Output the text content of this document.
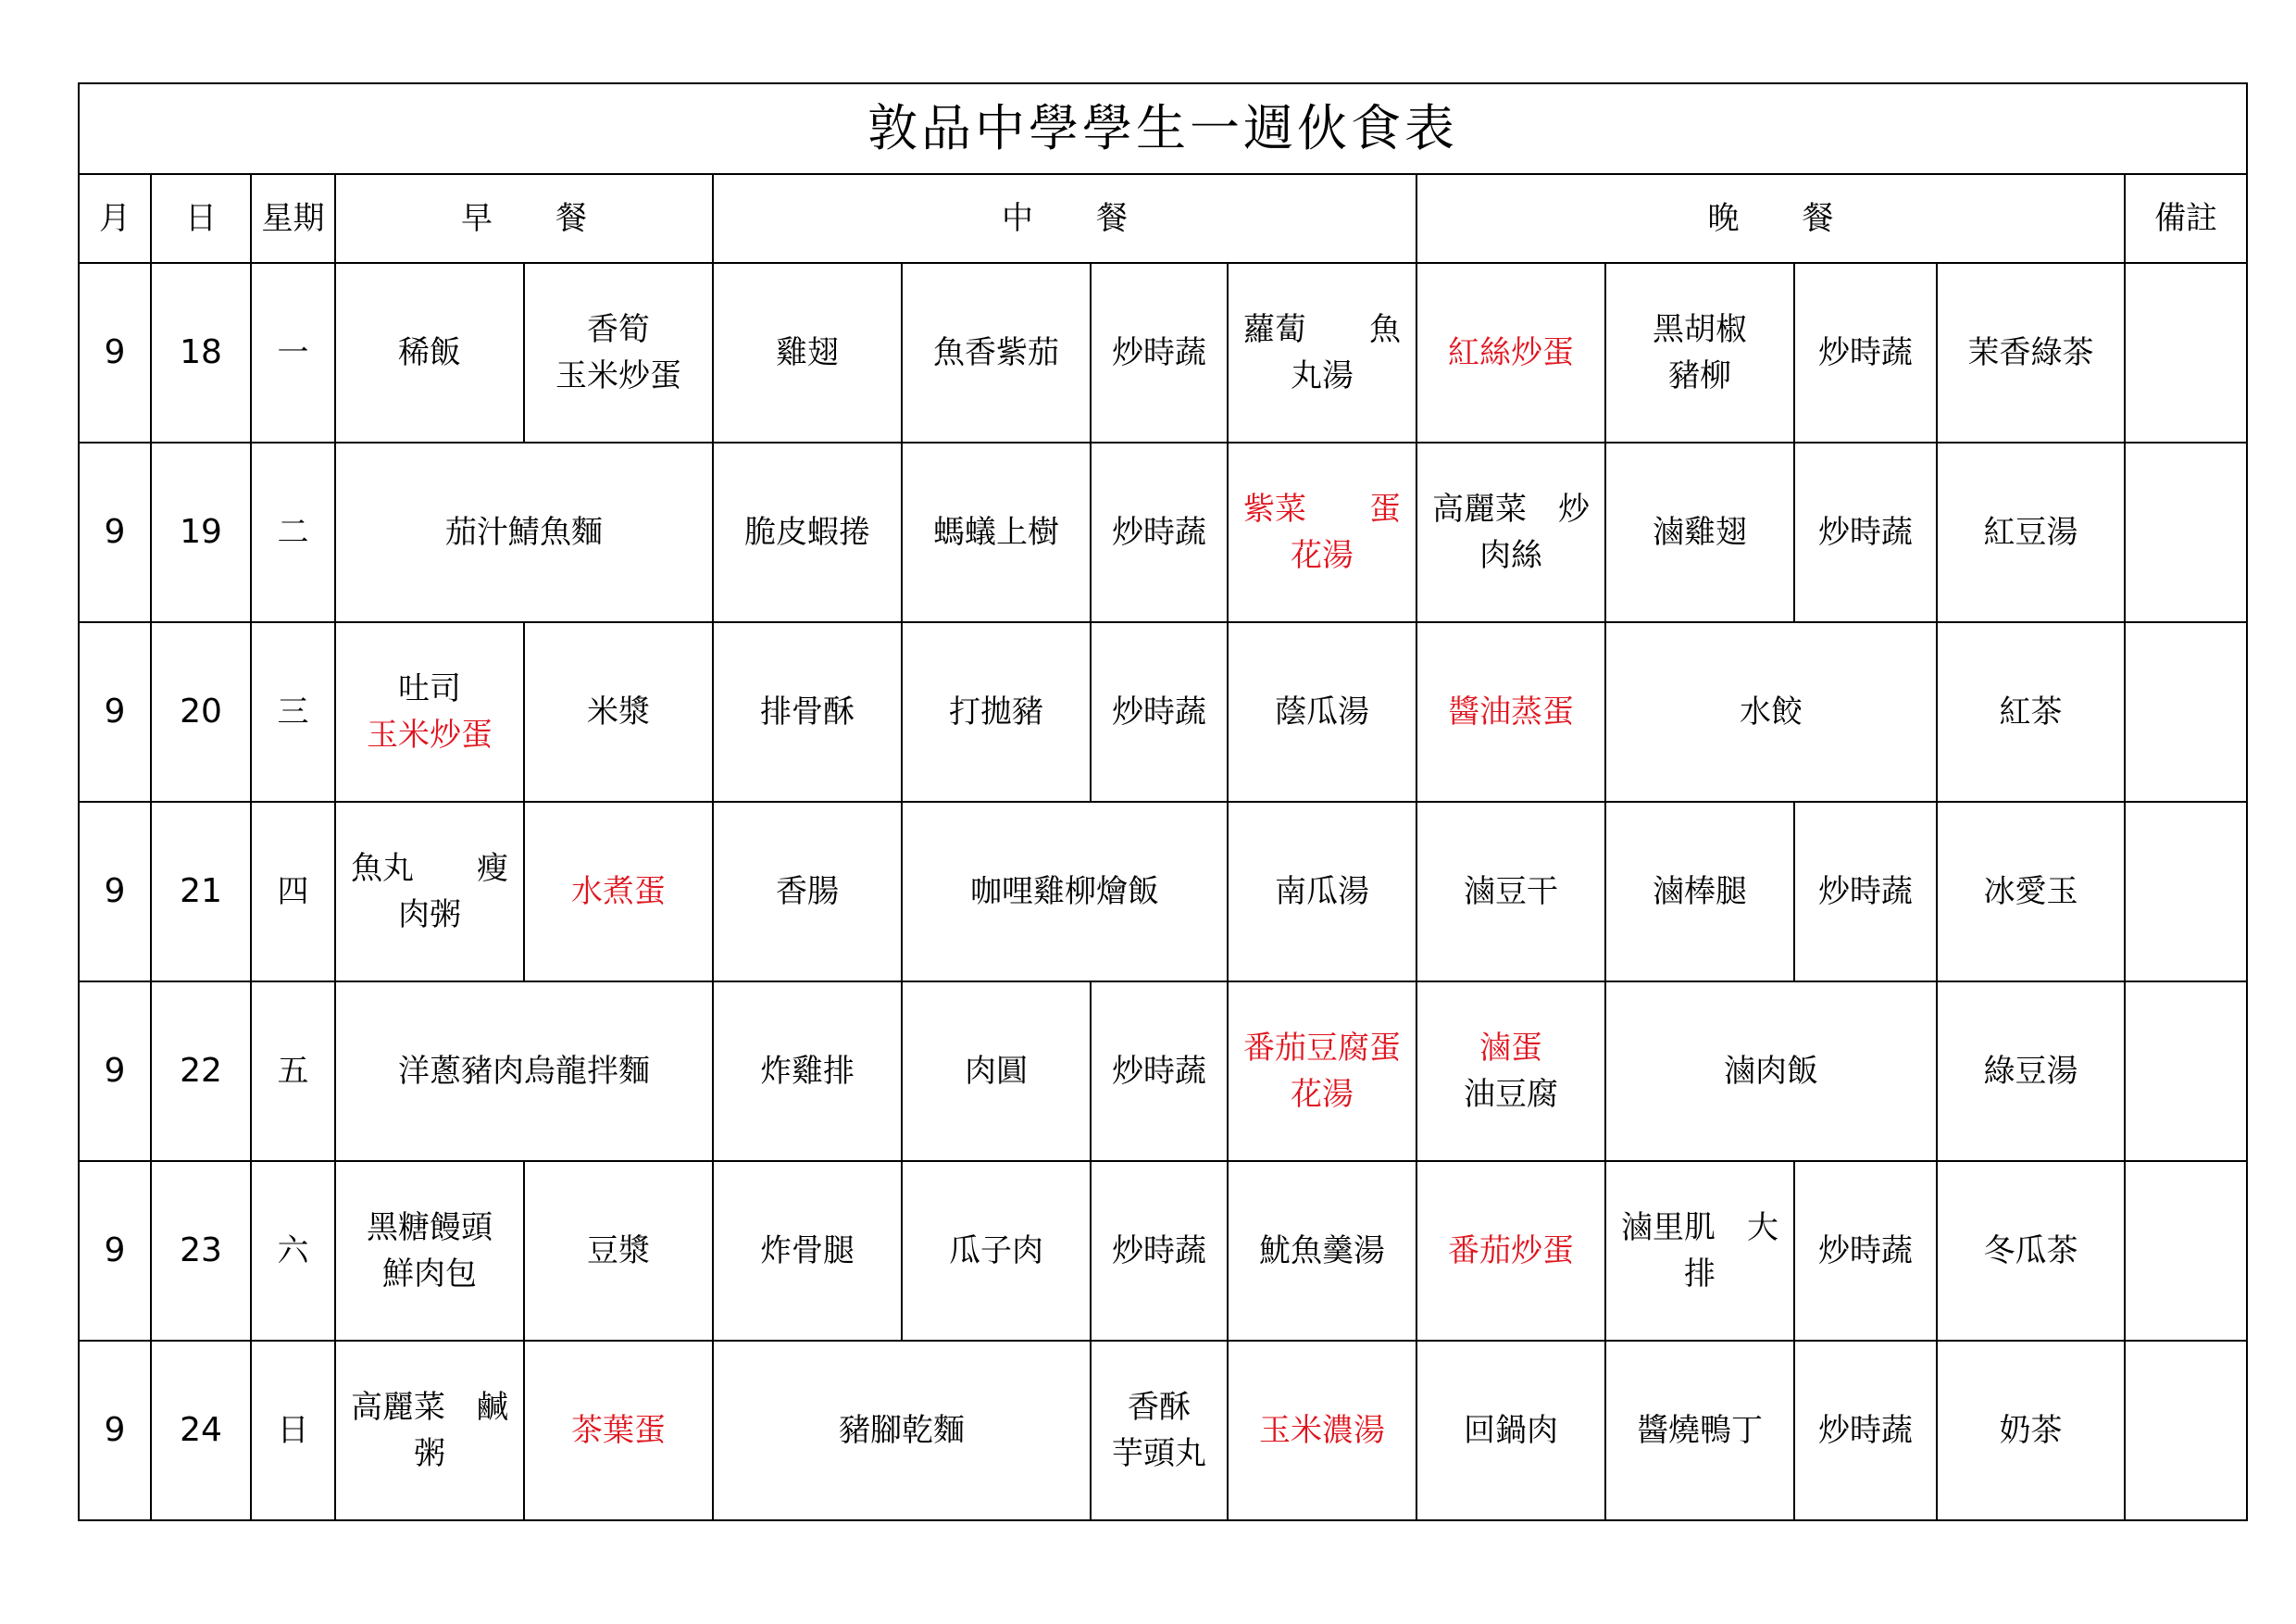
敦品中學學生一週伙食表													
月	日	星期	早　　餐		中　　餐				晚　　餐				備註
9	18	一	稀飯	香筍
玉米炒蛋	雞翅	魚香紫茄	炒時蔬	蘿蔔　　魚
丸湯	紅絲炒蛋	黑胡椒
豬柳	炒時蔬	茉香綠茶	
9	19	二	茄汁鯖魚麵		脆皮蝦捲	螞蟻上樹	炒時蔬	紫菜　　蛋
花湯	高麗菜　炒
肉絲	滷雞翅	炒時蔬	紅豆湯	
9	20	三	吐司
玉米炒蛋	米漿	排骨酥	打拋豬	炒時蔬	蔭瓜湯	醬油蒸蛋	水餃		紅茶	
9	21	四	魚丸　　瘦
肉粥	水煮蛋	香腸	咖哩雞柳燴飯		南瓜湯	滷豆干	滷棒腿	炒時蔬	冰愛玉	
9	22	五	洋蔥豬肉烏龍拌麵		炸雞排	肉圓	炒時蔬	番茄豆腐蛋
花湯	滷蛋
油豆腐	滷肉飯		綠豆湯	
9	23	六	黑糖饅頭
鮮肉包	豆漿	炸骨腿	瓜子肉	炒時蔬	魷魚羹湯	番茄炒蛋	滷里肌　大
排	炒時蔬	冬瓜茶	
9	24	日	高麗菜　鹹
粥	茶葉蛋	豬腳乾麵		香酥
芋頭丸	玉米濃湯	回鍋肉	醬燒鴨丁	炒時蔬	奶茶	
